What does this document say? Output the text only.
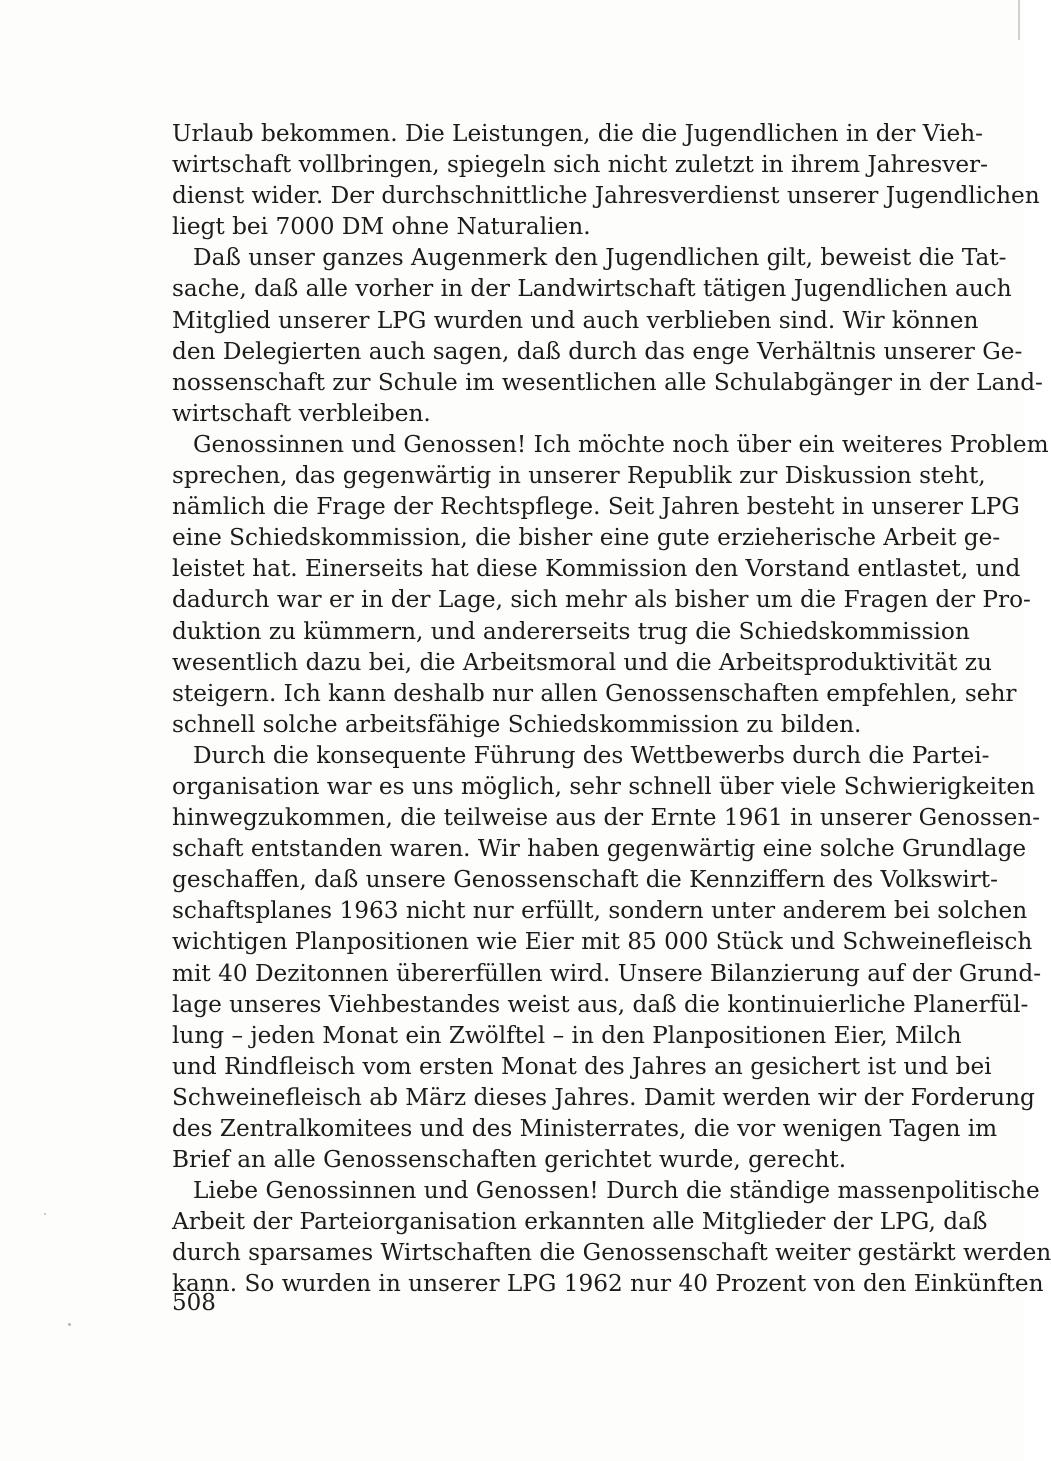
Urlaub bekommen. Die Leistungen, die die Jugendlichen in der Vieh-
wirtschaft vollbringen, spiegeln sich nicht zuletzt in ihrem Jahresver-
dienst wider. Der durchschnittliche Jahresverdienst unserer Jugendlichen
liegt bei 7000 DM ohne Naturalien.

Daß unser ganzes Augenmerk den Jugendlichen gilt, beweist die Tat-
sache, daß alle vorher in der Landwirtschaft tätigen Jugendlichen auch
Mitglied unserer LPG wurden und auch verblieben sind. Wir können
den Delegierten auch sagen, daß durch das enge Verhältnis unserer Ge-
nossenschaft zur Schule im wesentlichen alle Schulabgänger in der Land-
wirtschaft verbleiben.

Genossinnen und Genossen! Ich möchte noch über ein weiteres Problem
sprechen, das gegenwärtig in unserer Republik zur Diskussion steht,
nämlich die Frage der Rechtspflege. Seit Jahren besteht in unserer LPG
eine Schiedskommission, die bisher eine gute erzieherische Arbeit ge-
leistet hat. Einerseits hat diese Kommission den Vorstand entlastet, und
dadurch war er in der Lage, sich mehr als bisher um die Fragen der Pro-
duktion zu kümmern, und andererseits trug die Schiedskommission
wesentlich dazu bei, die Arbeitsmoral und die Arbeitsproduktivität zu
steigern. Ich kann deshalb nur allen Genossenschaften empfehlen, sehr
schnell solche arbeitsfähige Schiedskommission zu bilden.

Durch die konsequente Führung des Wettbewerbs durch die Partei-
organisation war es uns möglich, sehr schnell über viele Schwierigkeiten
hinwegzukommen, die teilweise aus der Ernte 1961 in unserer Genossen-
schaft entstanden waren. Wir haben gegenwärtig eine solche Grundlage
geschaffen, daß unsere Genossenschaft die Kennziffern des Volkswirt-
schaftsplanes 1963 nicht nur erfüllt, sondern unter anderem bei solchen
wichtigen Planpositionen wie Eier mit 85 000 Stück und Schweinefleisch
mit 40 Dezitonnen übererfüllen wird. Unsere Bilanzierung auf der Grund-
lage unseres Viehbestandes weist aus, daß die kontinuierliche Planerfül-
lung – jeden Monat ein Zwölftel – in den Planpositionen Eier, Milch
und Rindfleisch vom ersten Monat des Jahres an gesichert ist und bei
Schweinefleisch ab März dieses Jahres. Damit werden wir der Forderung
des Zentralkomitees und des Ministerrates, die vor wenigen Tagen im
Brief an alle Genossenschaften gerichtet wurde, gerecht.

Liebe Genossinnen und Genossen! Durch die ständige massenpolitische
Arbeit der Parteiorganisation erkannten alle Mitglieder der LPG, daß
durch sparsames Wirtschaften die Genossenschaft weiter gestärkt werden
kann. So wurden in unserer LPG 1962 nur 40 Prozent von den Einkünften

508
